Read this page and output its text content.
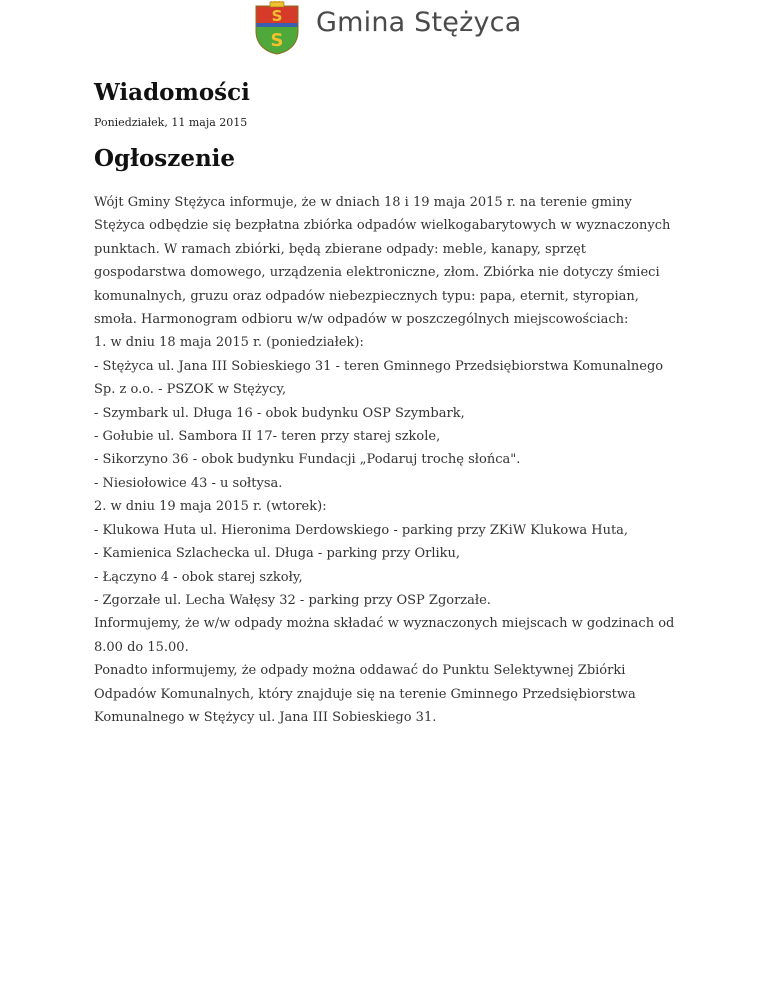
S
S
Gmina Stężyca
Wiadomości
Poniedziałek, 11 maja 2015
Ogłoszenie

Wójt Gminy Stężyca informuje, że w dniach 18 i 19 maja 2015 r. na terenie gminy Stężyca odbędzie się bezpłatna zbiórka odpadów wielkogabarytowych w wyznaczonych punktach. W ramach zbiórki, będą zbierane odpady: meble, kanapy, sprzęt gospodarstwa domowego, urządzenia elektroniczne, złom. Zbiórka nie dotyczy śmieci komunalnych, gruzu oraz odpadów niebezpiecznych typu: papa, eternit, styropian, smoła. Harmonogram odbioru w/w odpadów w poszczególnych miejscowościach:

1. w dniu 18 maja 2015 r. (poniedziałek):

- Stężyca ul. Jana III Sobieskiego 31 - teren Gminnego Przedsiębiorstwa Komunalnego Sp. z o.o. - PSZOK w Stężycy,

- Szymbark ul. Długa 16 - obok budynku OSP Szymbark,

- Gołubie ul. Sambora II 17- teren przy starej szkole,

- Sikorzyno 36 - obok budynku Fundacji „Podaruj trochę słońca".

- Niesiołowice 43 - u sołtysa.

2. w dniu 19 maja 2015 r. (wtorek):

- Klukowa Huta ul. Hieronima Derdowskiego - parking przy ZKiW Klukowa Huta,

- Kamienica Szlachecka ul. Długa - parking przy Orliku,

- Łączyno 4 - obok starej szkoły,

- Zgorzałe ul. Lecha Wałęsy 32 - parking przy OSP Zgorzałe.

Informujemy, że w/w odpady można składać w wyznaczonych miejscach w godzinach od 8.00 do 15.00.

Ponadto informujemy, że odpady można oddawać do Punktu Selektywnej Zbiórki Odpadów Komunalnych, który znajduje się na terenie Gminnego Przedsiębiorstwa Komunalnego w Stężycy ul. Jana III Sobieskiego 31.
